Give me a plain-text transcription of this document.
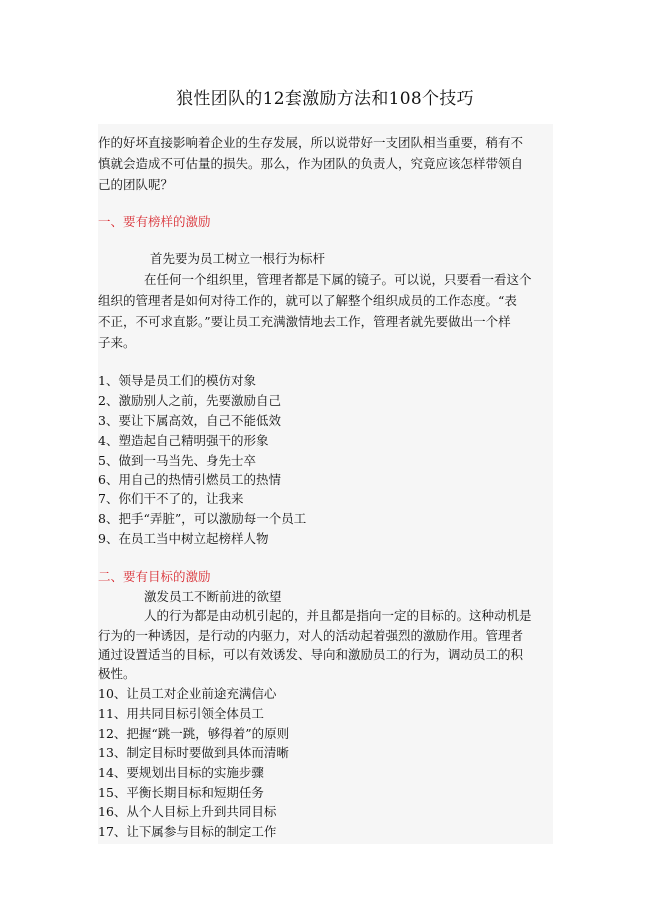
狼性团队的12套激励方法和108个技巧
作的好坏直接影响着企业的生存发展，所以说带好一支团队相当重要，稍有不
慎就会造成不可估量的损失。那么，作为团队的负责人，究竟应该怎样带领自
己的团队呢？
一、要有榜样的激励
首先要为员工树立一根行为标杆
在任何一个组织里，管理者都是下属的镜子。可以说，只要看一看这个
组织的管理者是如何对待工作的，就可以了解整个组织成员的工作态度。“表
不正，不可求直影。”要让员工充满激情地去工作，管理者就先要做出一个样
子来。
1、领导是员工们的模仿对象
2、激励别人之前，先要激励自己
3、要让下属高效，自己不能低效
4、塑造起自己精明强干的形象
5、做到一马当先、身先士卒
6、用自己的热情引燃员工的热情
7、你们干不了的，让我来
8、把手“弄脏”，可以激励每一个员工
9、在员工当中树立起榜样人物
二、要有目标的激励
激发员工不断前进的欲望
人的行为都是由动机引起的，并且都是指向一定的目标的。这种动机是
行为的一种诱因，是行动的内驱力，对人的活动起着强烈的激励作用。管理者
通过设置适当的目标，可以有效诱发、导向和激励员工的行为，调动员工的积
极性。
10、让员工对企业前途充满信心
11、用共同目标引领全体员工
12、把握“跳一跳，够得着”的原则
13、制定目标时要做到具体而清晰
14、要规划出目标的实施步骤
15、平衡长期目标和短期任务
16、从个人目标上升到共同目标
17、让下属参与目标的制定工作
